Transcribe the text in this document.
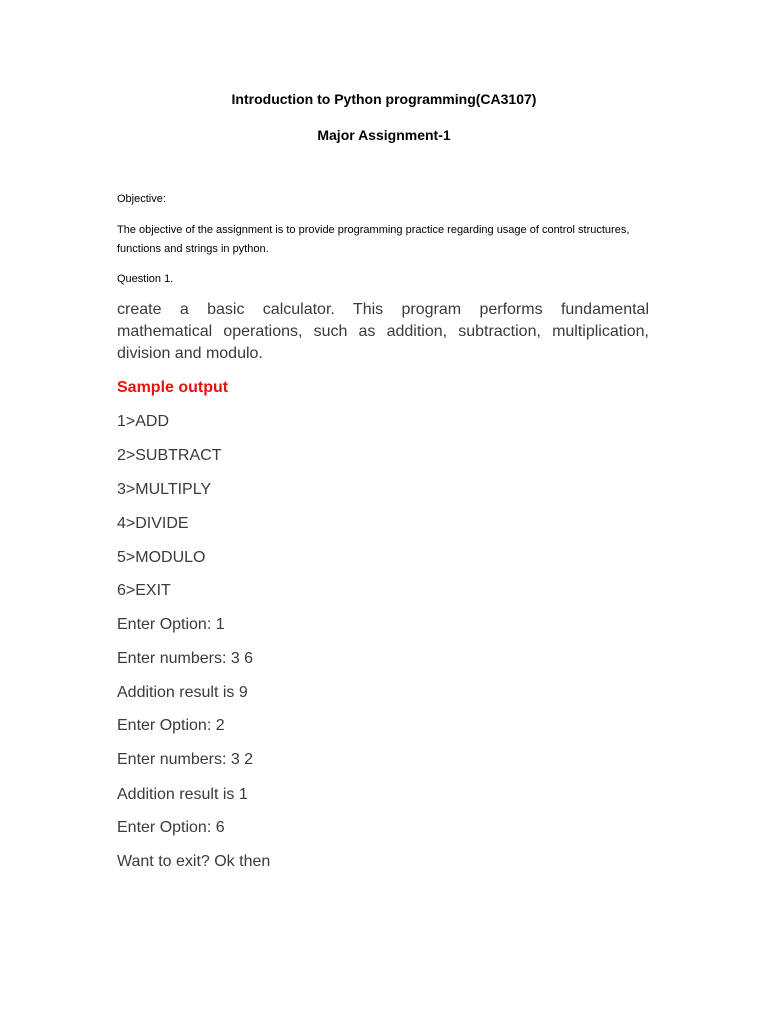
Introduction to Python programming(CA3107)
Major Assignment-1
Objective:
The objective of the assignment is to provide programming practice regarding usage of control structures, functions and strings in python.
Question 1.
create a basic calculator. This program performs fundamental mathematical operations, such as addition, subtraction, multiplication, division and modulo.
Sample output
1>ADD
2>SUBTRACT
3>MULTIPLY
4>DIVIDE
5>MODULO
6>EXIT
Enter Option: 1
Enter numbers: 3 6
Addition result is 9
Enter Option: 2
Enter numbers: 3 2
Addition result is 1
Enter Option: 6
Want to exit? Ok then
